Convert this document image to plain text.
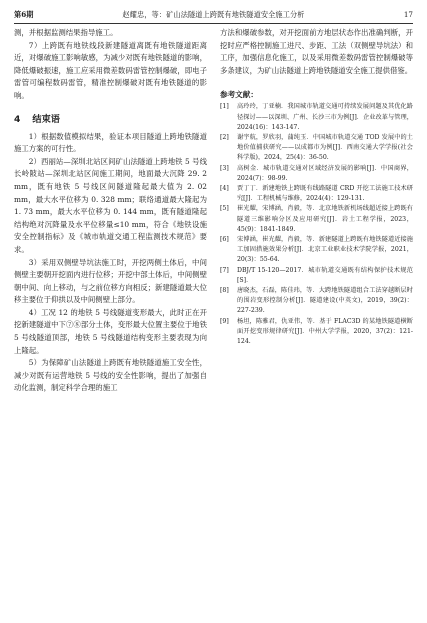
第6期	赵耀忠，等：矿山法隧道上跨既有地铁隧道安全施工分析	17

测，并根据监测结果指导施工。

7）上跨既有地铁线段新建隧道离既有地铁隧道距离近，对爆破施工影响敏感，为减少对既有地铁隧道的影响，降低爆破振速，施工应采用微差数码雷管控制爆破，即电子雷管可编程数码雷管，精准控制爆破对既有地铁隧道的影响。

4 结束语

1）根据数值模拟结果，验证本项目隧道上跨地铁隧道施工方案的可行性。

2）西丽站—深圳北站区间矿山法隧道上跨地铁 5 号线长岭陂站—深圳北站区间施工期间，地面最大沉降 29. 2 mm，既有地铁 5 号线区间隧道隆起最大值为 2. 02 mm，最大水平位移为 0. 328 mm；联络通道最大隆起为 1. 73 mm，最大水平位移为 0. 144 mm，既有隧道隆起结构绝对沉降量及水平位移量≤10 mm，符合《地铁设施安全控制指标》及《城市轨道交通工程监测技术规范》要求。

3）采用双侧壁导坑法施工时，开挖两侧土体后，中间侧壁主要朝开挖面内进行位移；开挖中部土体后，中间侧壁朝中间、向上移动，与之前位移方向相反；新建隧道最大位移主要位于仰拱以及中间侧壁上部分。

4）工况 12 的地铁 5 号线隧道变形最大，此时正在开挖新建隧道中下⑦⑧部分土体，变形最大位置主要位于地铁 5 号线隧道顶部，地铁 5 号线隧道结构变形主要表现为向上隆起。

5）为保障矿山法隧道上跨既有地铁隧道施工安全性，减少对既有运营地铁 5 号线的安全性影响，提出了加强自动化监测，制定科学合理的施工

方法和爆破参数，对开挖面前方地层状态作出准确判断，开挖时应严格控制施工进尺、步距、工法（双侧壁导坑法）和工序，加强信息化施工，以及采用微差数码雷管控制爆破等多条建议，为矿山法隧道上跨地铁隧道安全施工提供借鉴。

参考文献：
[1] 高玲玲，丁亚楠．我国城市轨道交通可持续发展问题及其优化路径探讨——以深圳、广州、长沙三市为例[J]．企业改革与管理，2024(16)：143-147.
[2] 谢宇航，罗欣羽，蒲纯玉．中国城市轨道交通 TOD 发展中的土地价值捕获研究——以成都市为例[J]．西南交通大学学报(社会科学版)，2024，25(4)：36-50.
[3] 高树金．城市轨道交通对区域经济发展的影响[J]．中国商界，2024(7)：98-99.
[4] 贾丁丁．新建地铁上跨既有线路隧道 CRD 开挖工法施工技术研究[J]．工程机械与维修，2024(4)：129-131.
[5] 崔光耀，宋博涵，肖毅，等．北京地铁新机场线超近接上跨既有隧道三维影响分区及应用研究[J]．岩土工程学报，2023，45(9)：1841-1849.
[6] 宋博涵，崔光耀，肖毅，等．新建隧道上跨既有地铁隧道近接施工加固措施效果分析[J]．北京工业职业技术学院学报，2021，20(3)：55-64.
[7] DBJ/T 15-120—2017．城市轨道交通既有结构保护技术规范[S]．
[8] 唐晓杰，石磊，陈佳玮，等．大跨地铁隧道组合工法穿越断层时的围岩变形控制分析[J]．隧道建设(中英文)，2019，39(2)：227-239.
[9] 杨坦，陈雅君，仇亚伟，等．基于 FLAC3D 的某地铁隧道横断面开挖变形规律研究[J]．中州大学学报，2020，37(2)：121-124.
